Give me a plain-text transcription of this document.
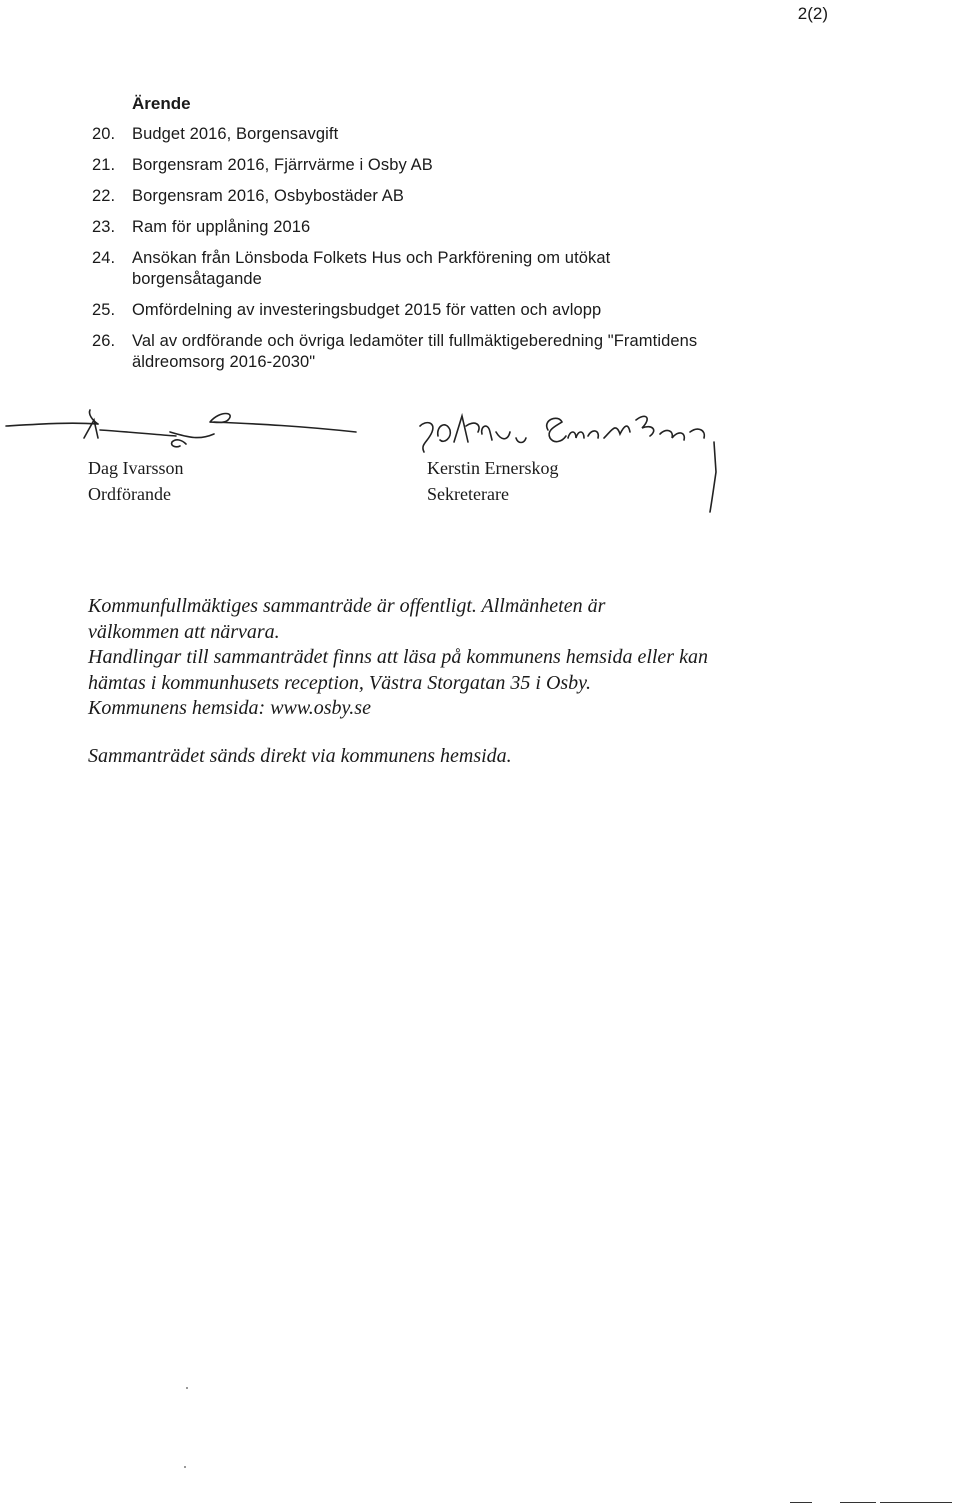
2(2)
Ärende
20.	Budget 2016, Borgensavgift
21.	Borgensram 2016, Fjärrvärme i Osby AB
22.	Borgensram 2016, Osbybostäder AB
23.	Ram för upplåning 2016
24.	Ansökan från Lönsboda Folkets Hus och Parkförening om utökat borgensåtagande
25.	Omfördelning av investeringsbudget 2015 för vatten och avlopp
26.	Val av ordförande och övriga ledamöter till fullmäktigeberedning "Framtidens äldreomsorg 2016-2030"
Dag Ivarsson
Ordförande
Kerstin Ernerskog
Sekreterare

Kommunfullmäktiges sammanträde är offentligt. Allmänheten är välkommen att närvara.

Handlingar till sammanträdet finns att läsa på kommunens hemsida eller kan hämtas i kommunhusets reception, Västra Storgatan 35 i Osby.

Kommunens hemsida: www.osby.se

Sammanträdet sänds direkt via kommunens hemsida.
